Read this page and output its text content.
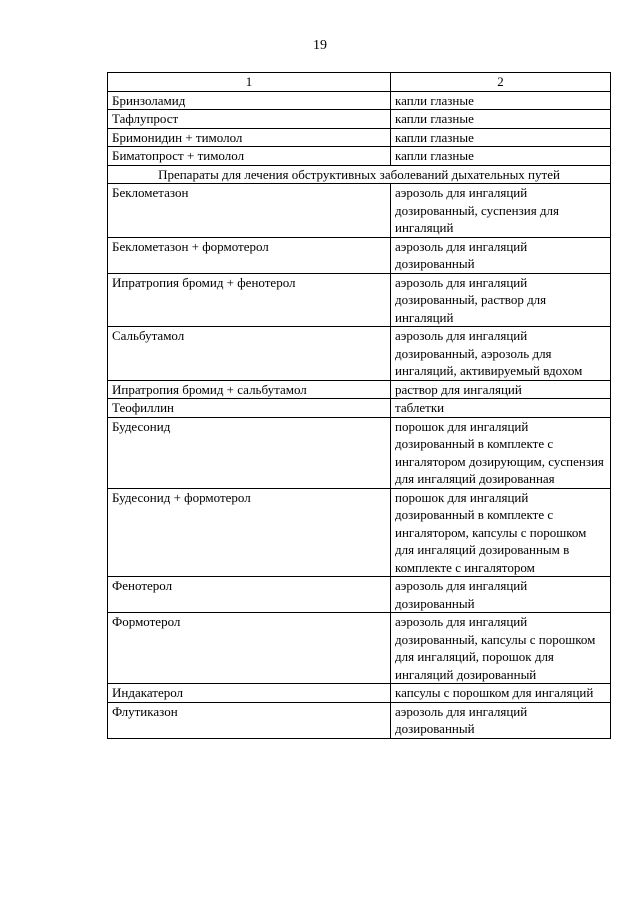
19
1	2
Бринзоламид	капли глазные
Тафлупрост	капли глазные
Бримонидин + тимолол	капли глазные
Биматопрост + тимолол	капли глазные
Препараты для лечения обструктивных заболеваний дыхательных путей	
Беклометазон	аэрозоль для ингаляций дозированный, суспензия для ингаляций
Беклометазон + формотерол	аэрозоль для ингаляций дозированный
Ипратропия бромид + фенотерол	аэрозоль для ингаляций дозированный, раствор для ингаляций
Сальбутамол	аэрозоль для ингаляций дозированный, аэрозоль для ингаляций, активируемый вдохом
Ипратропия бромид + сальбутамол	раствор для ингаляций
Теофиллин	таблетки
Будесонид	порошок для ингаляций дозированный в комплекте с ингалятором дозирующим, суспензия для ингаляций дозированная
Будесонид + формотерол	порошок для ингаляций дозированный в комплекте с ингалятором, капсулы с порошком для ингаляций дозированным в комплекте с ингалятором
Фенотерол	аэрозоль для ингаляций дозированный
Формотерол	аэрозоль для ингаляций дозированный, капсулы с порошком для ингаляций, порошок для ингаляций дозированный
Индакатерол	капсулы с порошком для ингаляций
Флутиказон	аэрозоль для ингаляций дозированный
